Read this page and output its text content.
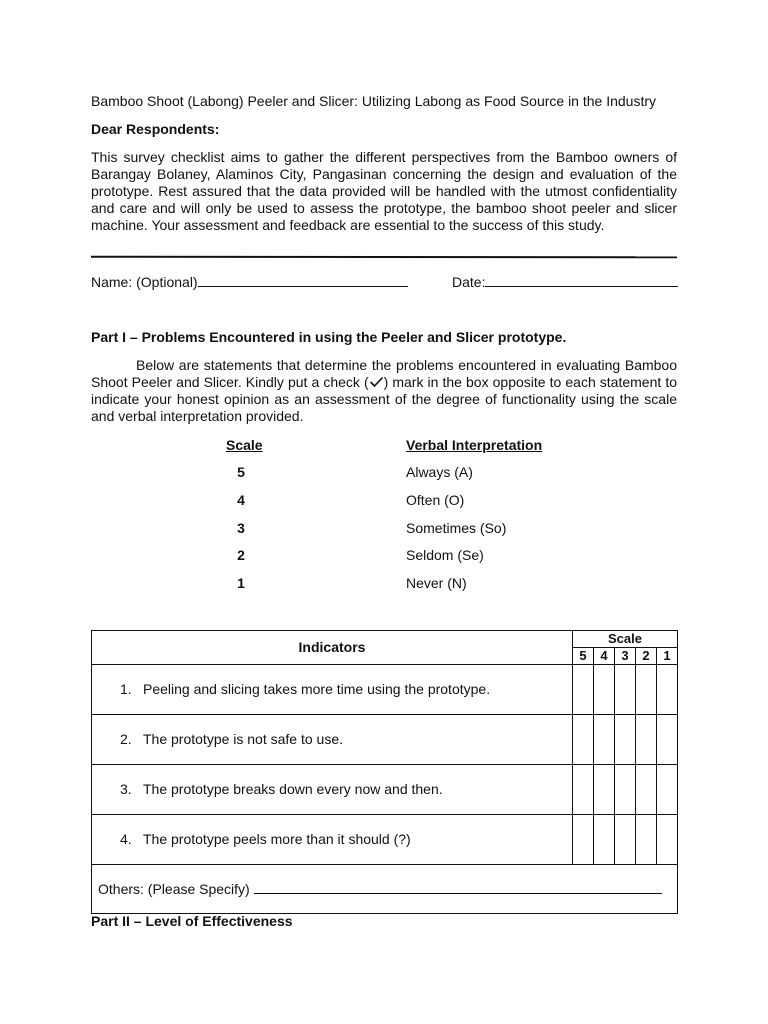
Bamboo Shoot (Labong) Peeler and Slicer: Utilizing Labong as Food Source in the Industry
Dear Respondents:
This survey checklist aims to gather the different perspectives from the Bamboo owners of Barangay Bolaney, Alaminos City, Pangasinan concerning the design and evaluation of the prototype. Rest assured that the data provided will be handled with the utmost confidentiality and care and will only be used to assess the prototype, the bamboo shoot peeler and slicer machine. Your assessment and feedback are essential to the success of this study.
Name: (Optional)	Date:
Part I – Problems Encountered in using the Peeler and Slicer prototype.
Below are statements that determine the problems encountered in evaluating Bamboo Shoot Peeler and Slicer. Kindly put a check ( ) mark in the box opposite to each statement to indicate your honest opinion as an assessment of the degree of functionality using the scale and verbal interpretation provided.
Scale	Verbal Interpretation
5	Always (A)
4	Often (O)
3	Sometimes (So)
2	Seldom (Se)
1	Never (N)
Indicators	Scale				
	5	4	3	2	1

1. Peeling and slicing takes more time using the prototype.					

2. The prototype is not safe to use.					

3. The prototype breaks down every now and then.					

4. The prototype peels more than it should (?)					

Others: (Please Specify)					
Part II – Level of Effectiveness
